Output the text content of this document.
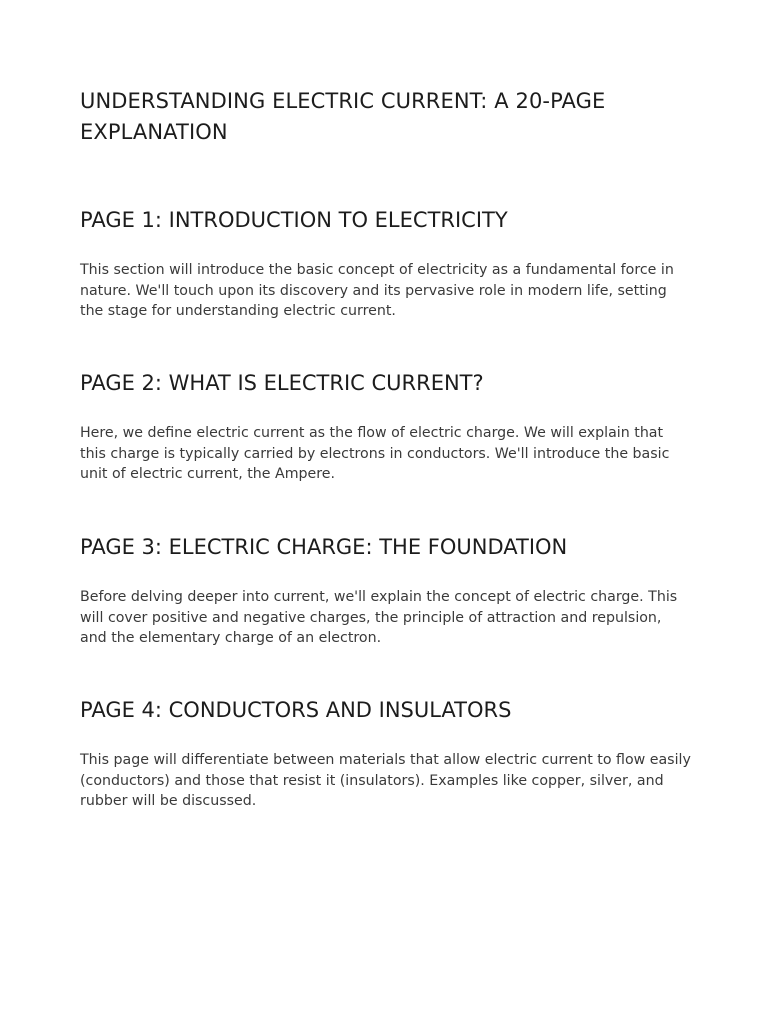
UNDERSTANDING ELECTRIC CURRENT: A 20-PAGE EXPLANATION
PAGE 1: INTRODUCTION TO ELECTRICITY

This section will introduce the basic concept of electricity as a fundamental force in nature. We'll touch upon its discovery and its pervasive role in modern life, setting the stage for understanding electric current.

PAGE 2: WHAT IS ELECTRIC CURRENT?

Here, we define electric current as the flow of electric charge. We will explain that this charge is typically carried by electrons in conductors. We'll introduce the basic unit of electric current, the Ampere.

PAGE 3: ELECTRIC CHARGE: THE FOUNDATION

Before delving deeper into current, we'll explain the concept of electric charge. This will cover positive and negative charges, the principle of attraction and repulsion, and the elementary charge of an electron.

PAGE 4: CONDUCTORS AND INSULATORS

This page will differentiate between materials that allow electric current to flow easily (conductors) and those that resist it (insulators). Examples like copper, silver, and rubber will be discussed.
